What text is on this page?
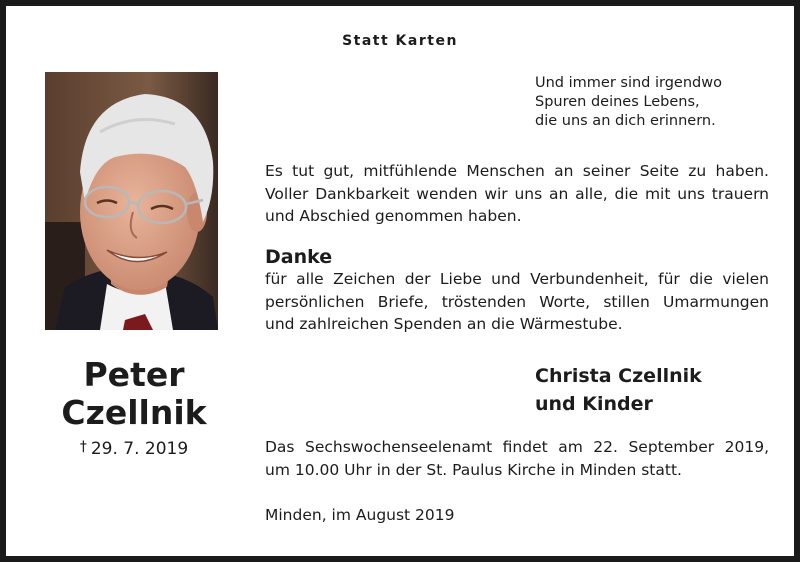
Statt Karten
Peter
Czellnik
† 29. 7. 2019
Und immer sind irgendwo
Spuren deines Lebens,
die uns an dich erinnern.
Es tut gut, mitfühlende Menschen an seiner Seite zu haben.
Voller Dankbarkeit wenden wir uns an alle, die mit uns trauern
und Abschied genommen haben.
Danke
für alle Zeichen der Liebe und Verbundenheit, für die vielen
persönlichen Briefe, tröstenden Worte, stillen Umarmungen
und zahlreichen Spenden an die Wärmestube.
Christa Czellnik
und Kinder
Das Sechswochenseelenamt findet am 22. September 2019,
um 10.00 Uhr in der St. Paulus Kirche in Minden statt.
Minden, im August 2019
